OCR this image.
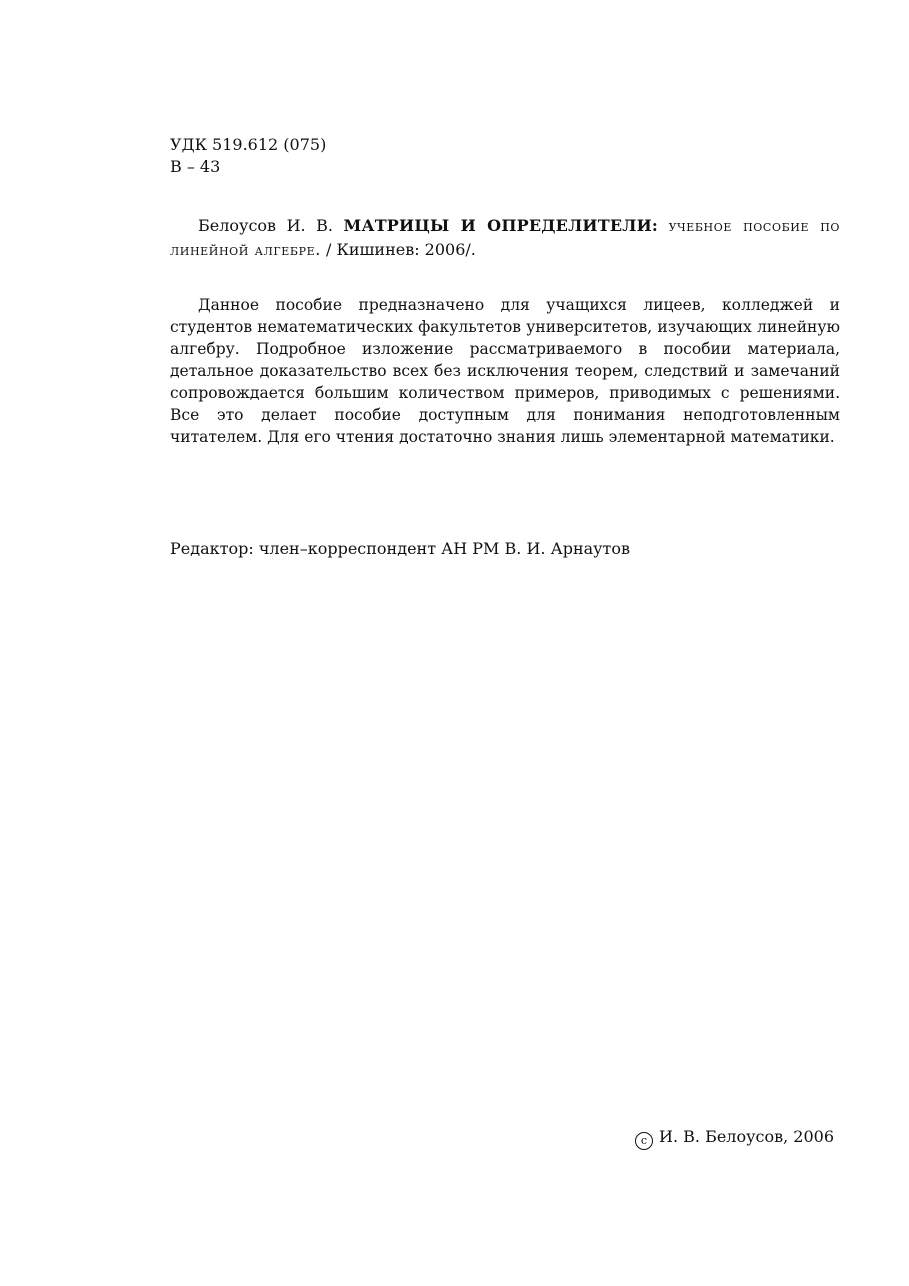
УДК 519.612 (075)
В – 43
Белоусов И. В. МАТРИЦЫ И ОПРЕДЕЛИТЕЛИ: учебное пособие по линейной алгебре. / Кишинев: 2006/.
Данное пособие предназначено для учащихся лицеев, колледжей и студентов нематематических факультетов университетов, изучающих линейную алгебру. Подробное изложение рассматриваемого в пособии материала, детальное доказательство всех без исключения теорем, следствий и замечаний сопровождается большим количеством примеров, приводимых с решениями. Все это делает пособие доступным для понимания неподготовленным читателем. Для его чтения достаточно знания лишь элементарной математики.
Редактор: член–корреспондент АН РМ В. И. Арнаутов
c И. В. Белоусов, 2006
